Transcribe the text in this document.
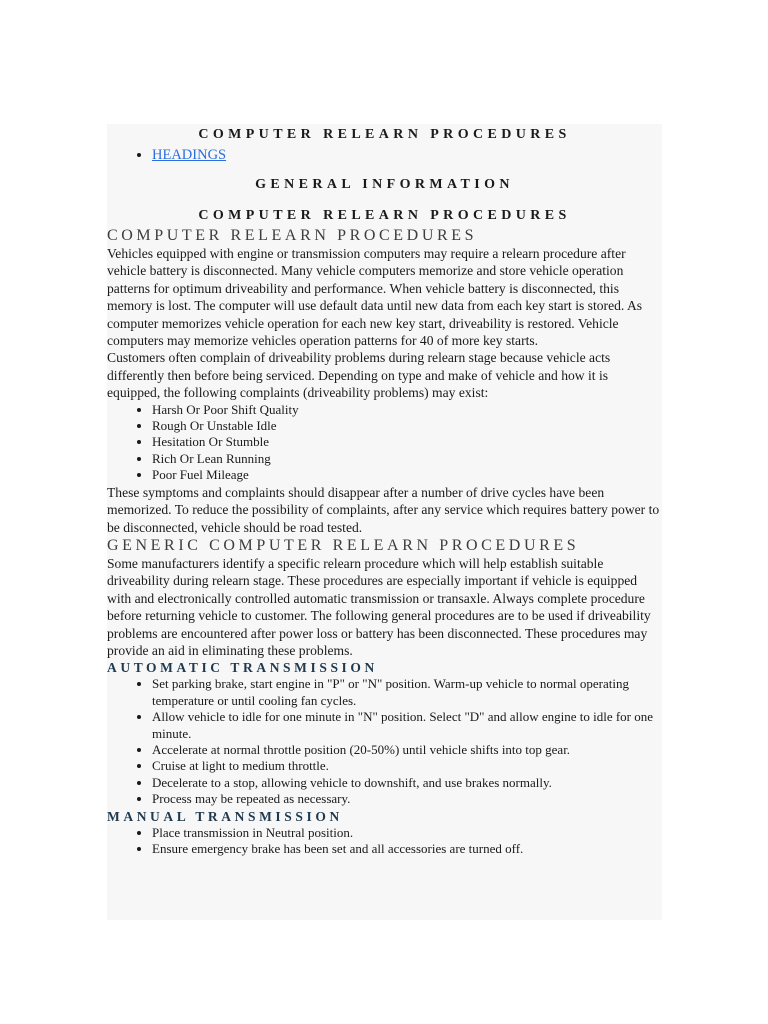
COMPUTER RELEARN PROCEDURES
• HEADINGS
GENERAL INFORMATION
COMPUTER RELEARN PROCEDURES
COMPUTER RELEARN PROCEDURES

Vehicles equipped with engine or transmission computers may require a relearn procedure after vehicle battery is disconnected. Many vehicle computers memorize and store vehicle operation patterns for optimum driveability and performance. When vehicle battery is disconnected, this memory is lost. The computer will use default data until new data from each key start is stored. As computer memorizes vehicle operation for each new key start, driveability is restored. Vehicle computers may memorize vehicles operation patterns for 40 of more key starts.

Customers often complain of driveability problems during relearn stage because vehicle acts differently then before being serviced. Depending on type and make of vehicle and how it is equipped, the following complaints (driveability problems) may exist:

• Harsh Or Poor Shift Quality
• Rough Or Unstable Idle
• Hesitation Or Stumble
• Rich Or Lean Running
• Poor Fuel Mileage

These symptoms and complaints should disappear after a number of drive cycles have been memorized. To reduce the possibility of complaints, after any service which requires battery power to be disconnected, vehicle should be road tested.

GENERIC COMPUTER RELEARN PROCEDURES

Some manufacturers identify a specific relearn procedure which will help establish suitable driveability during relearn stage. These procedures are especially important if vehicle is equipped with and electronically controlled automatic transmission or transaxle. Always complete procedure before returning vehicle to customer. The following general procedures are to be used if driveability problems are encountered after power loss or battery has been disconnected. These procedures may provide an aid in eliminating these problems.

AUTOMATIC TRANSMISSION
• Set parking brake, start engine in "P" or "N" position. Warm-up vehicle to normal operating temperature or until cooling fan cycles.
• Allow vehicle to idle for one minute in "N" position. Select "D" and allow engine to idle for one minute.
• Accelerate at normal throttle position (20-50%) until vehicle shifts into top gear.
• Cruise at light to medium throttle.
• Decelerate to a stop, allowing vehicle to downshift, and use brakes normally.
• Process may be repeated as necessary.
MANUAL TRANSMISSION
• Place transmission in Neutral position.
• Ensure emergency brake has been set and all accessories are turned off.
